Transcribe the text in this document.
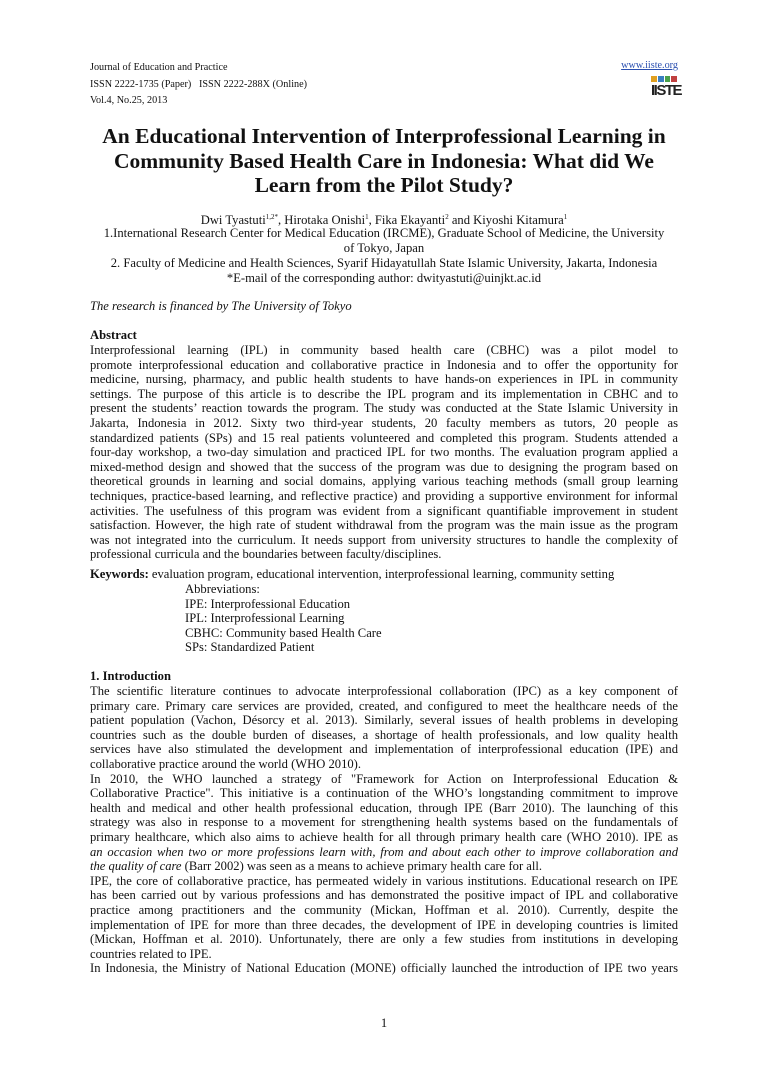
Journal of Education and Practice
ISSN 2222-1735 (Paper)   ISSN 2222-288X (Online)
Vol.4, No.25, 2013
www.iiste.org
IISTE
An Educational Intervention of Interprofessional Learning in Community Based Health Care in Indonesia: What did We Learn from the Pilot Study?
Dwi Tyastuti$^{1,2*}$, Hirotaka Onishi$^1$, Fika Ekayanti$^2$ and Kiyoshi Kitamura$^1$
1.International Research Center for Medical Education (IRCME), Graduate School of Medicine, the University
of Tokyo, Japan
2. Faculty of Medicine and Health Sciences, Syarif Hidayatullah State Islamic University, Jakarta, Indonesia
*E-mail of the corresponding author: dwityastuti@uinjkt.ac.id
The research is financed by The University of Tokyo
Abstract
Interprofessional learning (IPL) in community based health care (CBHC) was a pilot model to
promote interprofessional education and collaborative practice in Indonesia and to offer the opportunity for
medicine, nursing, pharmacy, and public health students to have hands-on experiences in IPL in community
settings. The purpose of this article is to describe the IPL program and its implementation in CBHC and to
present the students’ reaction towards the program. The study was conducted at the State Islamic University in
Jakarta, Indonesia in 2012. Sixty two third-year students, 20 faculty members as tutors, 20 people as
standardized patients (SPs) and 15 real patients volunteered and completed this program. Students attended a
four-day workshop, a two-day simulation and practiced IPL for two months. The evaluation program applied a
mixed-method design and showed that the success of the program was due to designing the program based on
theoretical grounds in learning and social domains, applying various teaching methods (small group learning
techniques, practice-based learning, and reflective practice) and providing a supportive environment for informal
activities. The usefulness of this program was evident from a significant quantifiable improvement in student
satisfaction. However, the high rate of student withdrawal from the program was the main issue as the program
was not integrated into the curriculum. It needs support from university structures to handle the complexity of
professional curricula and the boundaries between faculty/disciplines.
Keywords: evaluation program, educational intervention, interprofessional learning, community setting
Abbreviations:
IPE: Interprofessional Education
IPL: Interprofessional Learning
CBHC: Community based Health Care
SPs: Standardized Patient
1. Introduction
The scientific literature continues to advocate interprofessional collaboration (IPC) as a key component of
primary care. Primary care services are provided, created, and configured to meet the healthcare needs of the
patient population (Vachon, Désorcy et al. 2013). Similarly, several issues of health problems in developing
countries such as the double burden of diseases, a shortage of health professionals, and low quality health
services have also stimulated the development and implementation of interprofessional education (IPE) and
collaborative practice around the world (WHO 2010).
In 2010, the WHO launched a strategy of "Framework for Action on Interprofessional Education &
Collaborative Practice". This initiative is a continuation of the WHO’s longstanding commitment to improve
health and medical and other health professional education, through IPE (Barr 2010). The launching of this
strategy was also in response to a movement for strengthening health systems based on the fundamentals of
primary healthcare, which also aims to achieve health for all through primary health care (WHO 2010). IPE as
an occasion when two or more professions learn with, from and about each other to improve collaboration and
the quality of care (Barr 2002) was seen as a means to achieve primary health care for all.
IPE, the core of collaborative practice, has permeated widely in various institutions. Educational research on IPE
has been carried out by various professions and has demonstrated the positive impact of IPL and collaborative
practice among practitioners and the community (Mickan, Hoffman et al. 2010). Currently, despite the
implementation of IPE for more than three decades, the development of IPE in developing countries is limited
(Mickan, Hoffman et al. 2010). Unfortunately, there are only a few studies from institutions in developing
countries related to IPE.
In Indonesia, the Ministry of National Education (MONE) officially launched the introduction of IPE two years
1
